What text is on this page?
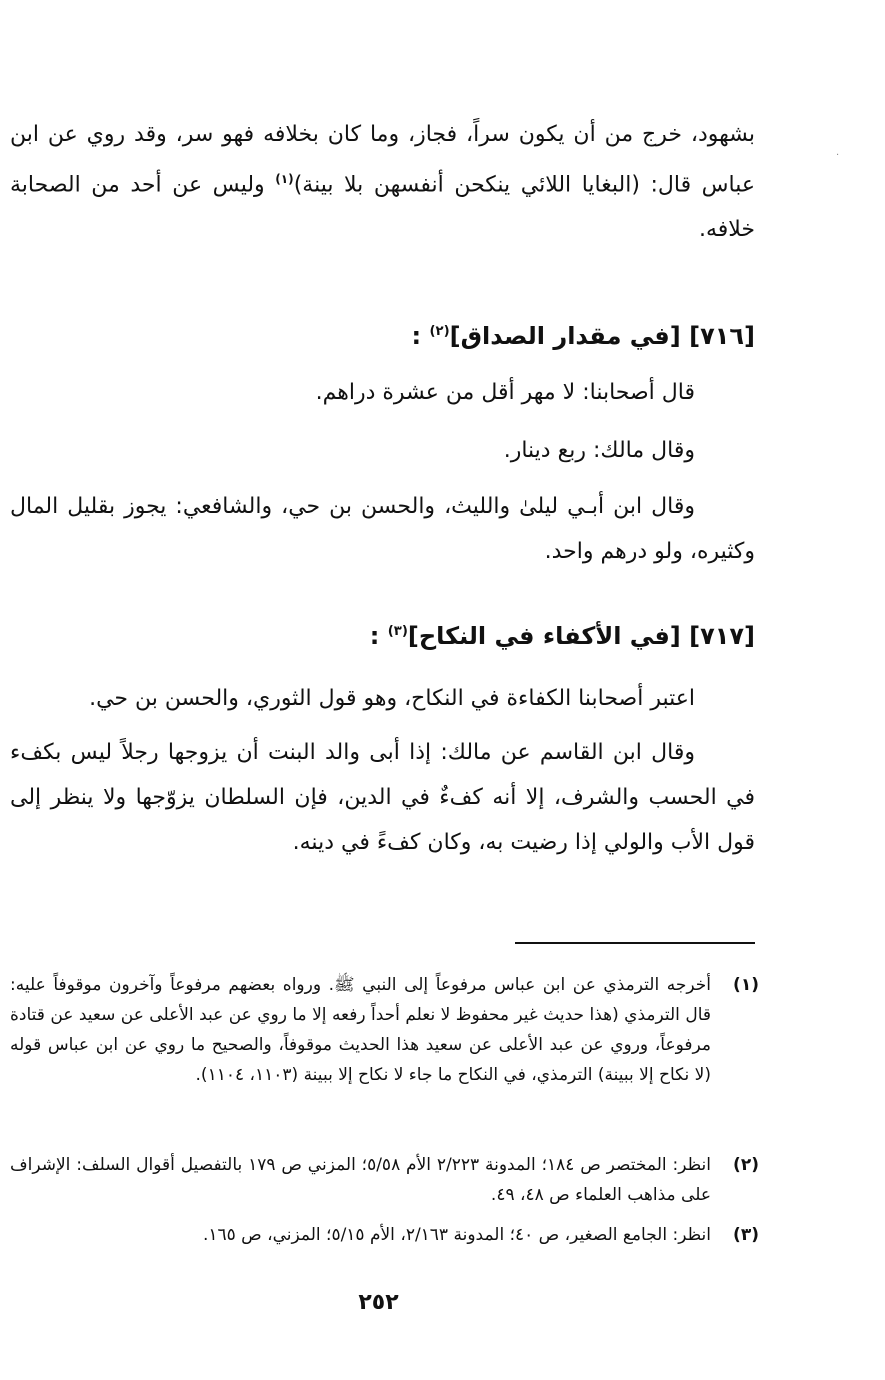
·

بشهود، خرج من أن يكون سراً، فجاز، وما كان بخلافه فهو سر، وقد روي عن ابن عباس قال: (البغايا اللائي ينكحن أنفسهن بلا بينة)$^{(١)}$ وليس عن أحد من الصحابة خلافه.

[٧١٦] [في مقدار الصداق]$^{(٢)}$ :

قال أصحابنا: لا مهر أقل من عشرة دراهم.

وقال مالك: ربع دينار.

وقال ابن أبـي ليلىٰ والليث، والحسن بن حي، والشافعي: يجوز بقليل المال وكثيره، ولو درهم واحد.

[٧١٧] [في الأكفاء في النكاح]$^{(٣)}$ :

اعتبر أصحابنا الكفاءة في النكاح، وهو قول الثوري، والحسن بن حي.

وقال ابن القاسم عن مالك: إذا أبى والد البنت أن يزوجها رجلاً ليس بكفء في الحسب والشرف، إلا أنه كفءٌ في الدين، فإن السلطان يزوّجها ولا ينظر إلى قول الأب والولي إذا رضيت به، وكان كفءً في دينه.

(١)
أخرجه الترمذي عن ابن عباس مرفوعاً إلى النبي ﷺ. ورواه بعضهم مرفوعاً وآخرون موقوفاً عليه: قال الترمذي (هذا حديث غير محفوظ لا نعلم أحداً رفعه إلا ما روي عن عبد الأعلى عن سعيد عن قتادة مرفوعاً، وروي عن عبد الأعلى عن سعيد هذا الحديث موقوفاً، والصحيح ما روي عن ابن عباس قوله (لا نكاح إلا ببينة) الترمذي، في النكاح ما جاء لا نكاح إلا ببينة (١١٠٣، ١١٠٤).
(٢)
انظر: المختصر ص ١٨٤؛ المدونة ٢/٢٢٣ الأم ٥/٥٨؛ المزني ص ١٧٩ بالتفصيل أقوال السلف: الإشراف على مذاهب العلماء ص ٤٨، ٤٩.
(٣)
انظر: الجامع الصغير، ص ٤٠؛ المدونة ٢/١٦٣، الأم ٥/١٥؛ المزني، ص ١٦٥.
٢٥٢
